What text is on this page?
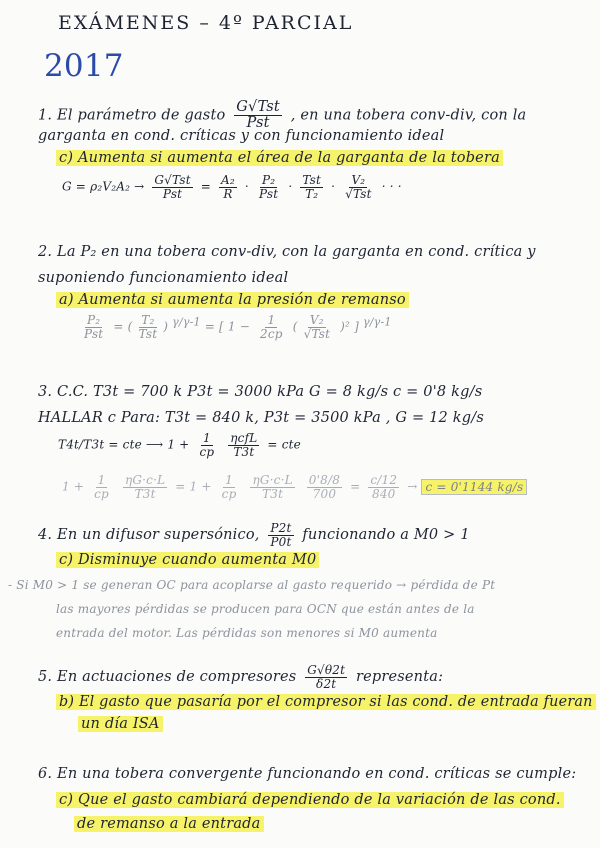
EXÁMENES – 4º PARCIAL
2017
1. El parámetro de gasto $\frac{\text{G√Tst}}{\text{Pst}}$ , en una tobera conv-div, con la
garganta en cond. críticas y con funcionamiento ideal
c) Aumenta si aumenta el área de la garganta de la tobera
$G = \rho_2V_2A_2 \to \frac{\text{G√Tst}}{\text{Pst}} = \frac{\text{A₂}}{R} \cdot \frac{\text{P₂}}{\text{Pst}} \cdot \frac{\text{Tst}}{\text{T₂}} \cdot \frac{\text{V₂}}{\text{√Tst}}$ · · ·
2. La P₂ en una tobera conv-div, con la garganta en cond. crítica y
suponiendo funcionamiento ideal
a) Aumenta si aumenta la presión de remanso
$\frac{\text{P₂}}{\text{Pst}}$ = ( $\frac{\text{T₂}}{\text{Tst}}$ ) $^{\gamma/\gamma-1}$ = [ $1 - \frac{1}{2cp}$ ( $\frac{\text{V₂}}{\text{√Tst}} )^2$ ] $^{\gamma/\gamma-1}$
3. C.C. T3t = 700 k P3t = 3000 kPa G = 8 kg/s c = 0'8 kg/s
HALLAR c Para: T3t = 840 k, P3t = 3500 kPa , G = 12 kg/s
T4t/T3t = cte ⟶ $1 + \frac{1}{cp}$
$\frac{\text{ηcfL}}{T3t}$ = cte
$1 + \frac{1}{cp}$
$\frac{\eta G\cdot c\cdot L}{T3t} = 1 + \frac{1}{cp}$
$\frac{\eta G\cdot c\cdot L}{T3t}$
$\frac{0'8/8}{700} = \frac{c/12}{840} \to c = 0'1144$ kg/s
4. En un difusor supersónico, $\frac{P2t}{P0t}$ funcionando a M0 > 1
c) Disminuye cuando aumenta M0
- Si M0 > 1 se generan OC para acoplarse al gasto requerido → pérdida de Pt
las mayores pérdidas se producen para OCN que están antes de la
entrada del motor. Las pérdidas son menores si M0 aumenta
5. En actuaciones de compresores $\frac{G√\theta 2t}{\delta 2t}$ representa:
b) El gasto que pasaría por el compresor si las cond. de entrada fueran
un día ISA
6. En una tobera convergente funcionando en cond. críticas se cumple:
c) Que el gasto cambiará dependiendo de la variación de las cond.
de remanso a la entrada
